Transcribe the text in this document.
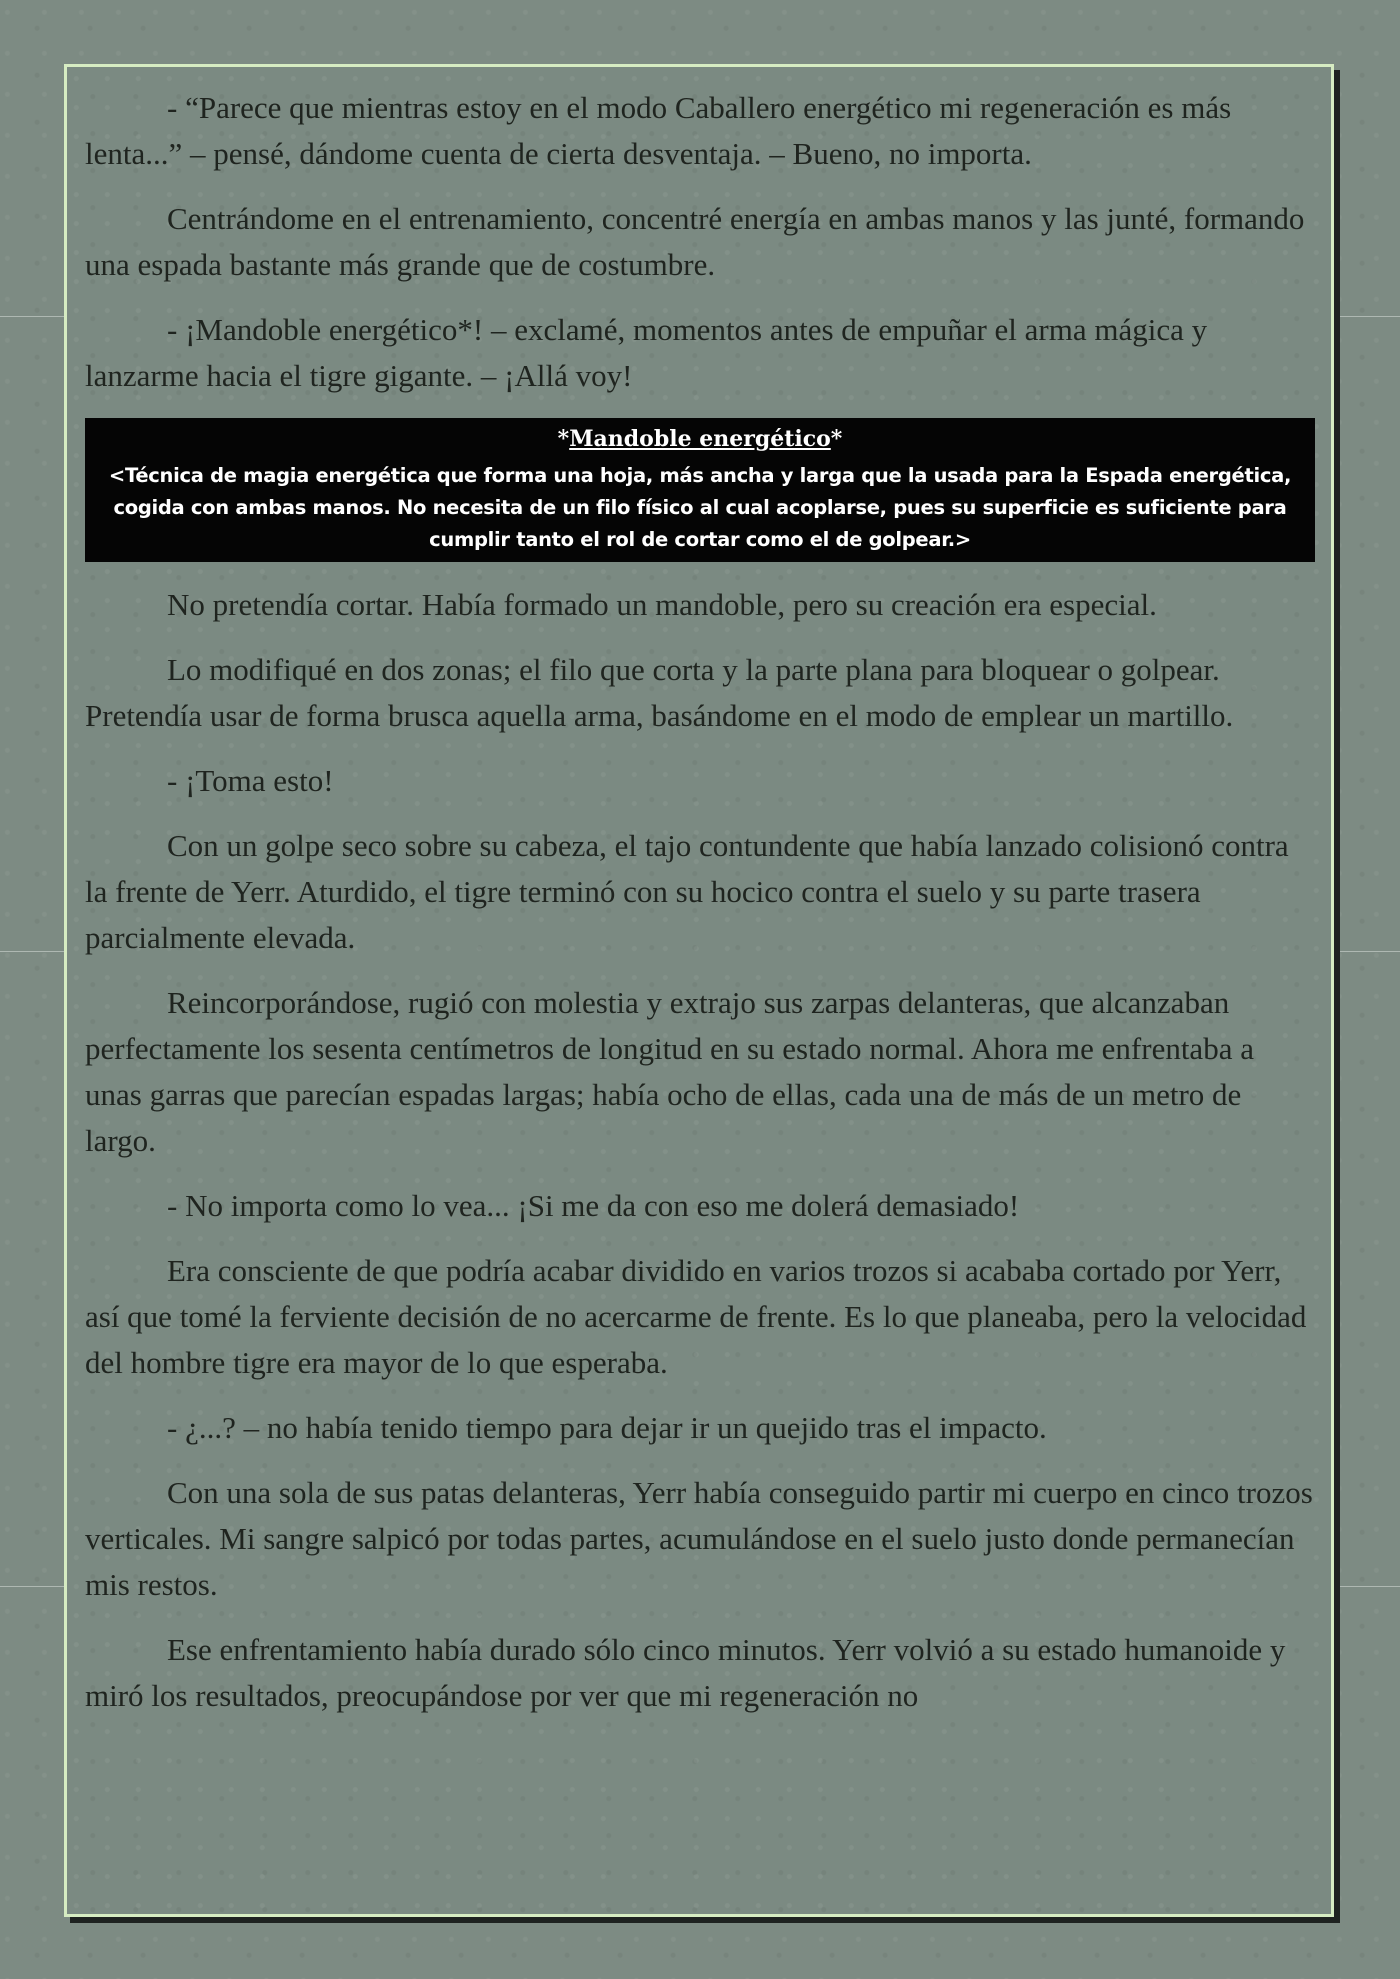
- “Parece que mientras estoy en el modo Caballero energético mi regeneración es más lenta...” – pensé, dándome cuenta de cierta desventaja. – Bueno, no importa.

Centrándome en el entrenamiento, concentré energía en ambas manos y las junté, formando una espada bastante más grande que de costumbre.

- ¡Mandoble energético*! – exclamé, momentos antes de empuñar el arma mágica y lanzarme hacia el tigre gigante. – ¡Allá voy!

*Mandoble energético*
<Técnica de magia energética que forma una hoja, más ancha y larga que la usada para la Espada energética, cogida con ambas manos. No necesita de un filo físico al cual acoplarse, pues su superficie es suficiente para cumplir tanto el rol de cortar como el de golpear.>

No pretendía cortar. Había formado un mandoble, pero su creación era especial.

Lo modifiqué en dos zonas; el filo que corta y la parte plana para bloquear o golpear. Pretendía usar de forma brusca aquella arma, basándome en el modo de emplear un martillo.

- ¡Toma esto!

Con un golpe seco sobre su cabeza, el tajo contundente que había lanzado colisionó contra la frente de Yerr. Aturdido, el tigre terminó con su hocico contra el suelo y su parte trasera parcialmente elevada.

Reincorporándose, rugió con molestia y extrajo sus zarpas delanteras, que alcanzaban perfectamente los sesenta centímetros de longitud en su estado normal. Ahora me enfrentaba a unas garras que parecían espadas largas; había ocho de ellas, cada una de más de un metro de largo.

- No importa como lo vea... ¡Si me da con eso me dolerá demasiado!

Era consciente de que podría acabar dividido en varios trozos si acababa cortado por Yerr, así que tomé la ferviente decisión de no acercarme de frente. Es lo que planeaba, pero la velocidad del hombre tigre era mayor de lo que esperaba.

- ¿...? – no había tenido tiempo para dejar ir un quejido tras el impacto.

Con una sola de sus patas delanteras, Yerr había conseguido partir mi cuerpo en cinco trozos verticales. Mi sangre salpicó por todas partes, acumulándose en el suelo justo donde permanecían mis restos.

Ese enfrentamiento había durado sólo cinco minutos. Yerr volvió a su estado humanoide y miró los resultados, preocupándose por ver que mi regeneración no
